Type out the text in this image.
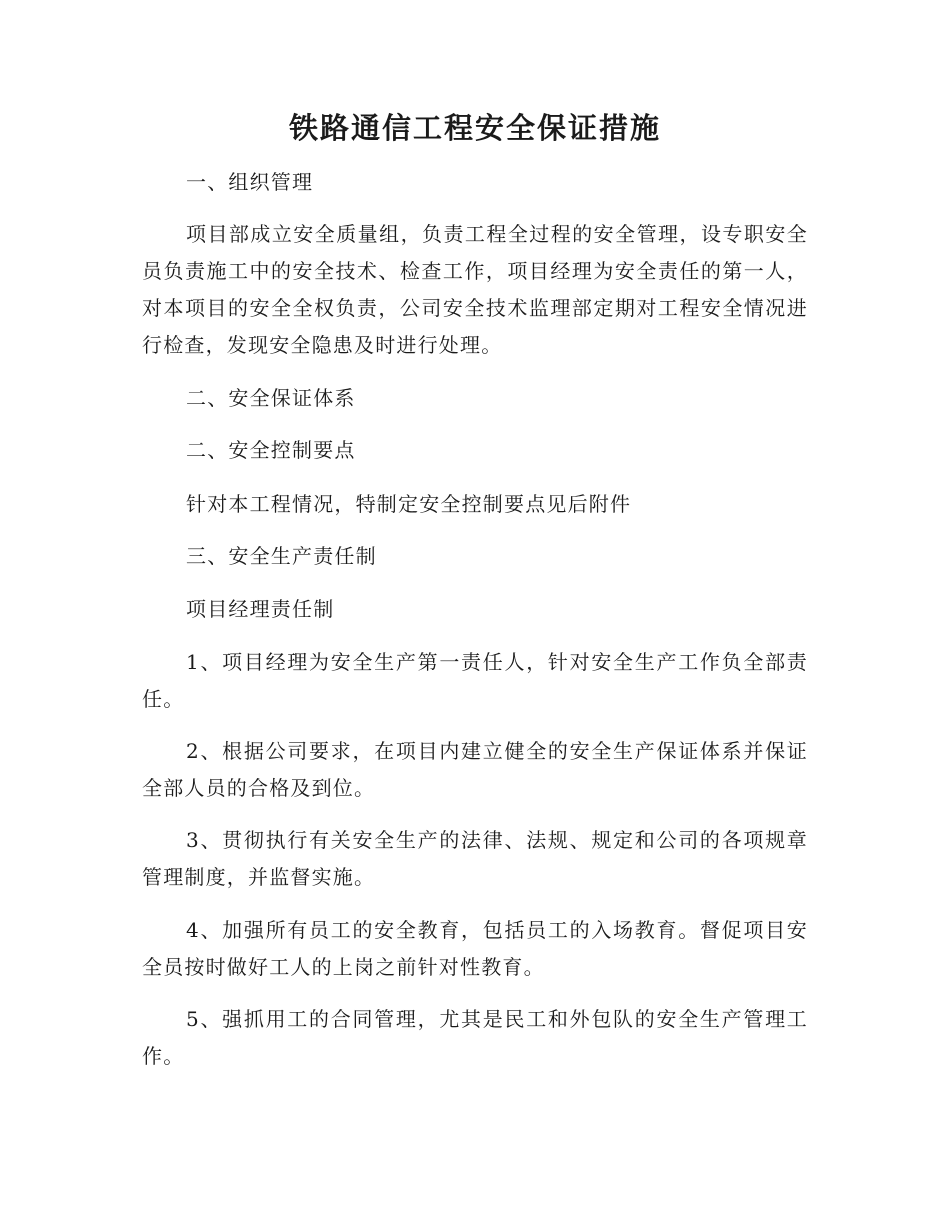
铁路通信工程安全保证措施

一、组织管理

项目部成立安全质量组，负责工程全过程的安全管理，设专职安全员负责施工中的安全技术、检查工作，项目经理为安全责任的第一人，对本项目的安全全权负责，公司安全技术监理部定期对工程安全情况进行检查，发现安全隐患及时进行处理。

二、安全保证体系

二、安全控制要点

针对本工程情况，特制定安全控制要点见后附件

三、安全生产责任制

项目经理责任制

1、项目经理为安全生产第一责任人，针对安全生产工作负全部责任。

2、根据公司要求，在项目内建立健全的安全生产保证体系并保证全部人员的合格及到位。

3、贯彻执行有关安全生产的法律、法规、规定和公司的各项规章管理制度，并监督实施。

4、加强所有员工的安全教育，包括员工的入场教育。督促项目安全员按时做好工人的上岗之前针对性教育。

5、强抓用工的合同管理，尤其是民工和外包队的安全生产管理工作。
